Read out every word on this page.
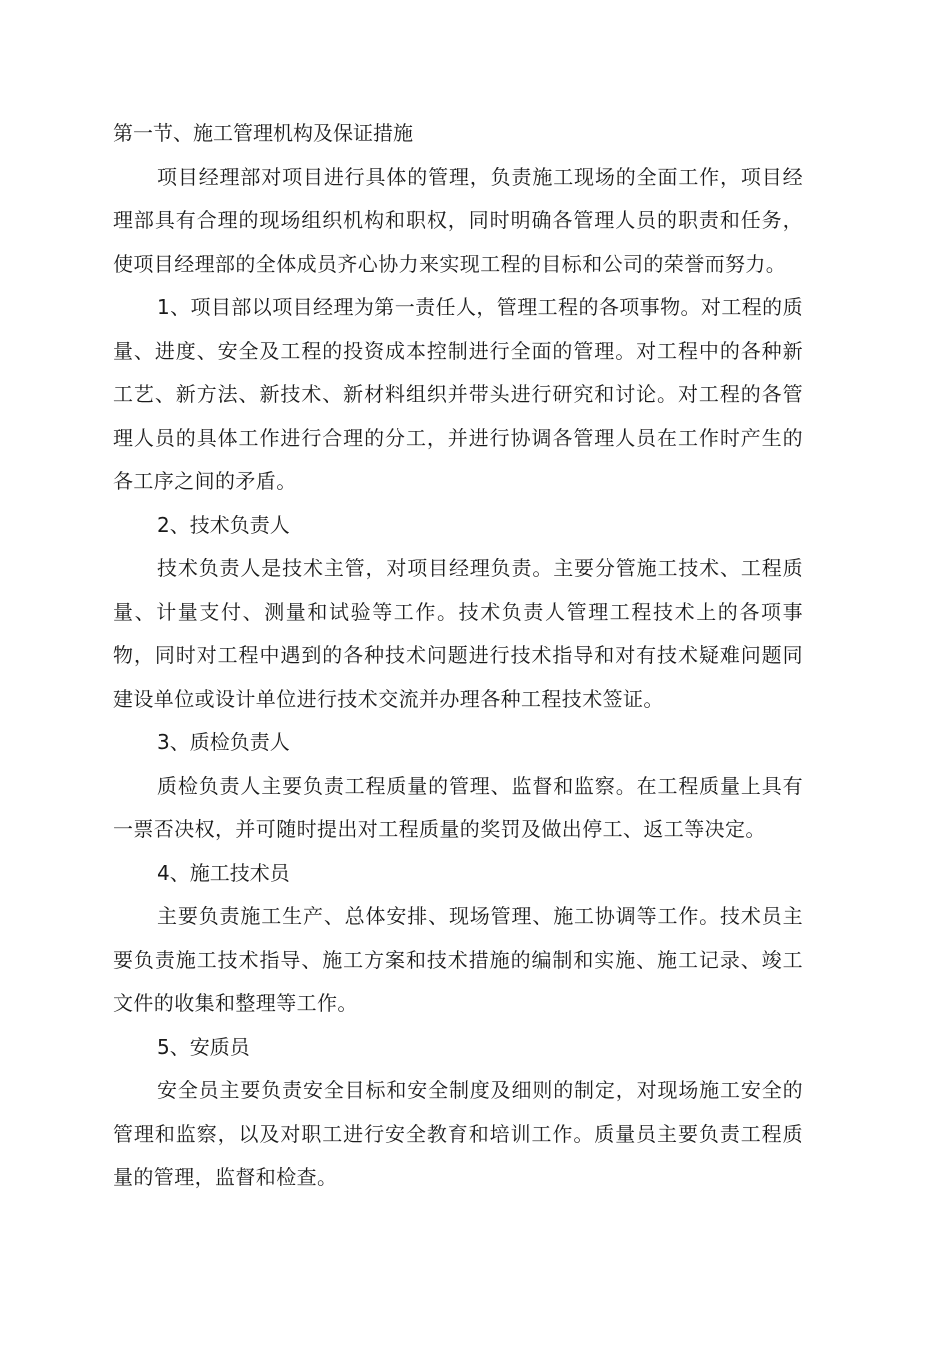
第一节、施工管理机构及保证措施

项目经理部对项目进行具体的管理，负责施工现场的全面工作，项目经理部具有合理的现场组织机构和职权，同时明确各管理人员的职责和任务，使项目经理部的全体成员齐心协力来实现工程的目标和公司的荣誉而努力。

1、项目部以项目经理为第一责任人，管理工程的各项事物。对工程的质量、进度、安全及工程的投资成本控制进行全面的管理。对工程中的各种新工艺、新方法、新技术、新材料组织并带头进行研究和讨论。对工程的各管理人员的具体工作进行合理的分工，并进行协调各管理人员在工作时产生的各工序之间的矛盾。

2、技术负责人

技术负责人是技术主管，对项目经理负责。主要分管施工技术、工程质量、计量支付、测量和试验等工作。技术负责人管理工程技术上的各项事物，同时对工程中遇到的各种技术问题进行技术指导和对有技术疑难问题同建设单位或设计单位进行技术交流并办理各种工程技术签证。

3、质检负责人

质检负责人主要负责工程质量的管理、监督和监察。在工程质量上具有一票否决权，并可随时提出对工程质量的奖罚及做出停工、返工等决定。

4、施工技术员

主要负责施工生产、总体安排、现场管理、施工协调等工作。技术员主要负责施工技术指导、施工方案和技术措施的编制和实施、施工记录、竣工文件的收集和整理等工作。

5、安质员

安全员主要负责安全目标和安全制度及细则的制定，对现场施工安全的管理和监察，以及对职工进行安全教育和培训工作。质量员主要负责工程质量的管理，监督和检查。
